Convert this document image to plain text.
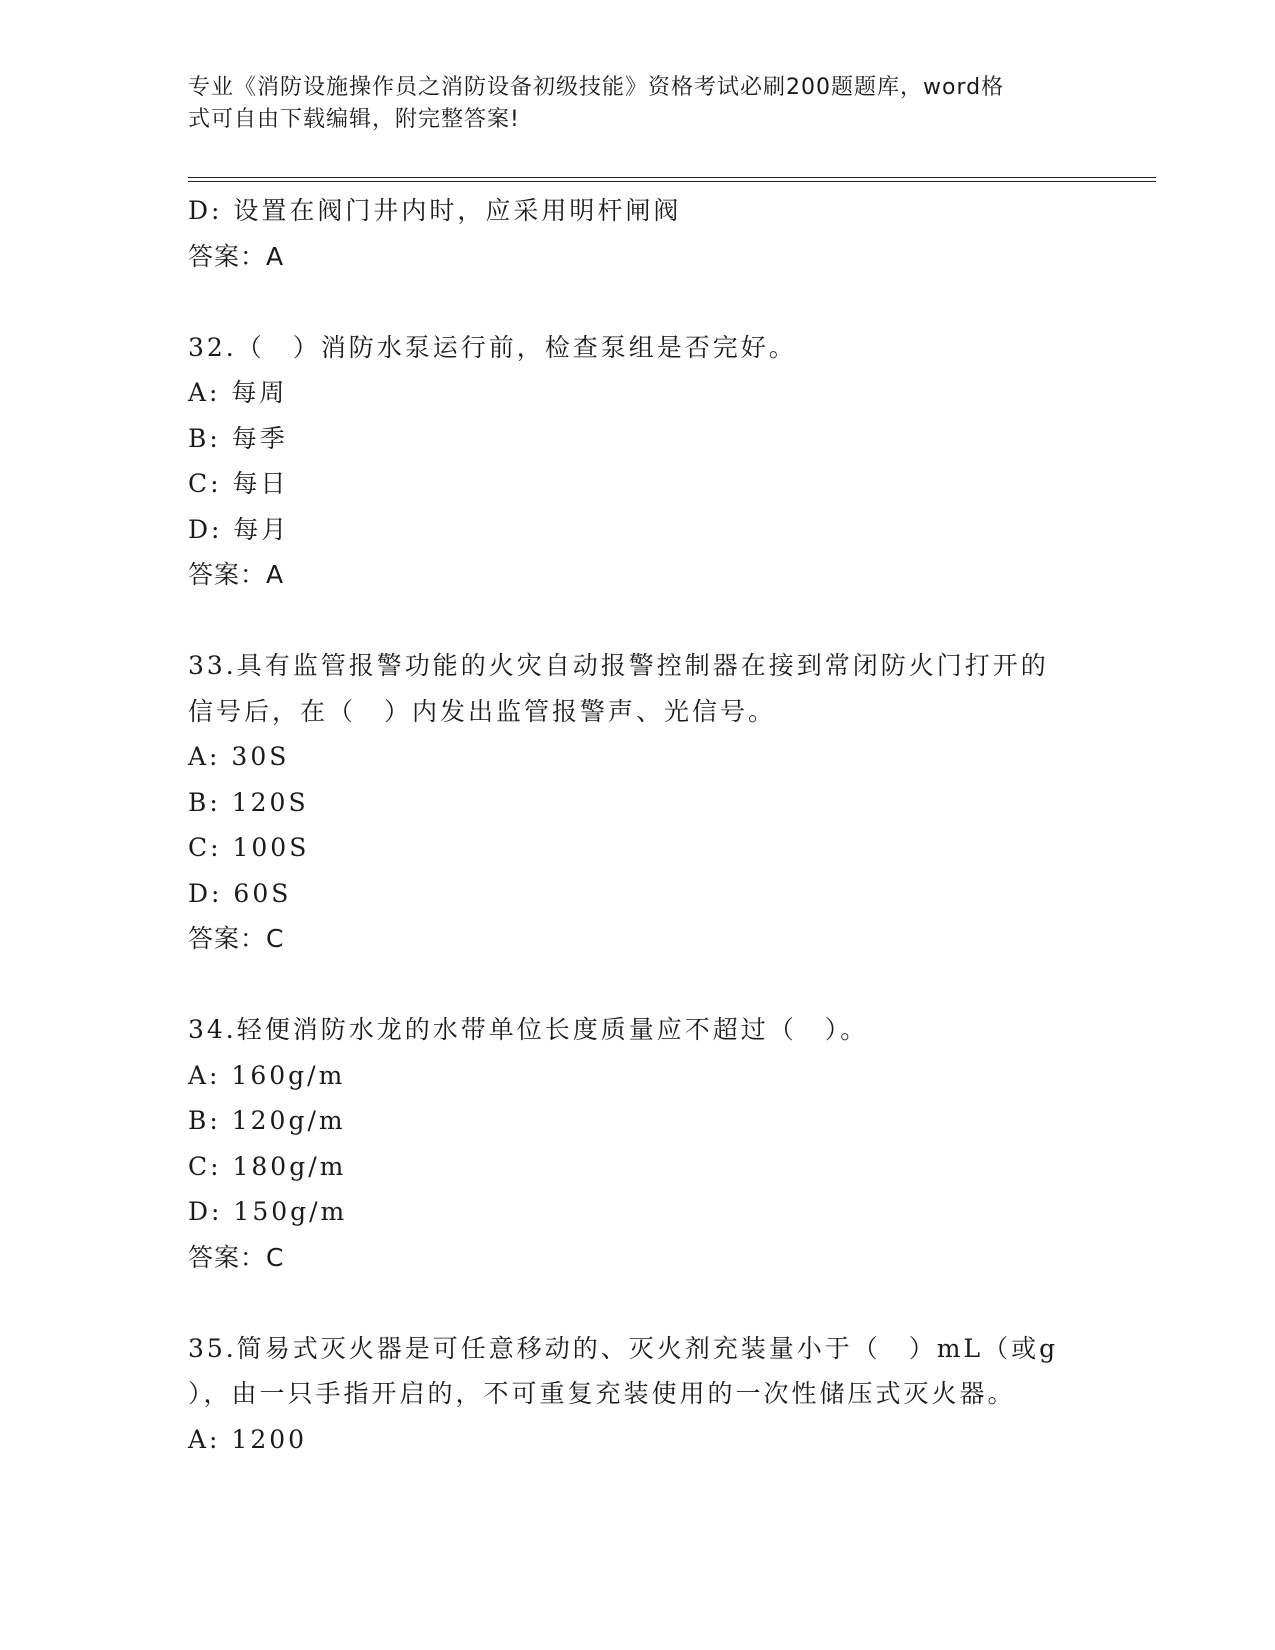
专业《消防设施操作员之消防设备初级技能》资格考试必刷200题题库，word格
式可自由下载编辑，附完整答案!
D: 设置在阀门井内时，应采用明杆闸阀
答案：A
32.（　）消防水泵运行前，检查泵组是否完好。
A: 每周
B: 每季
C: 每日
D: 每月
答案：A
33.具有监管报警功能的火灾自动报警控制器在接到常闭防火门打开的
信号后，在（　）内发出监管报警声、光信号。
A: 30S
B: 120S
C: 100S
D: 60S
答案：C
34.轻便消防水龙的水带单位长度质量应不超过（　）。
A: 160g/m
B: 120g/m
C: 180g/m
D: 150g/m
答案：C
35.简易式灭火器是可任意移动的、灭火剂充装量小于（　）mL（或g
），由一只手指开启的，不可重复充装使用的一次性储压式灭火器。
A: 1200
